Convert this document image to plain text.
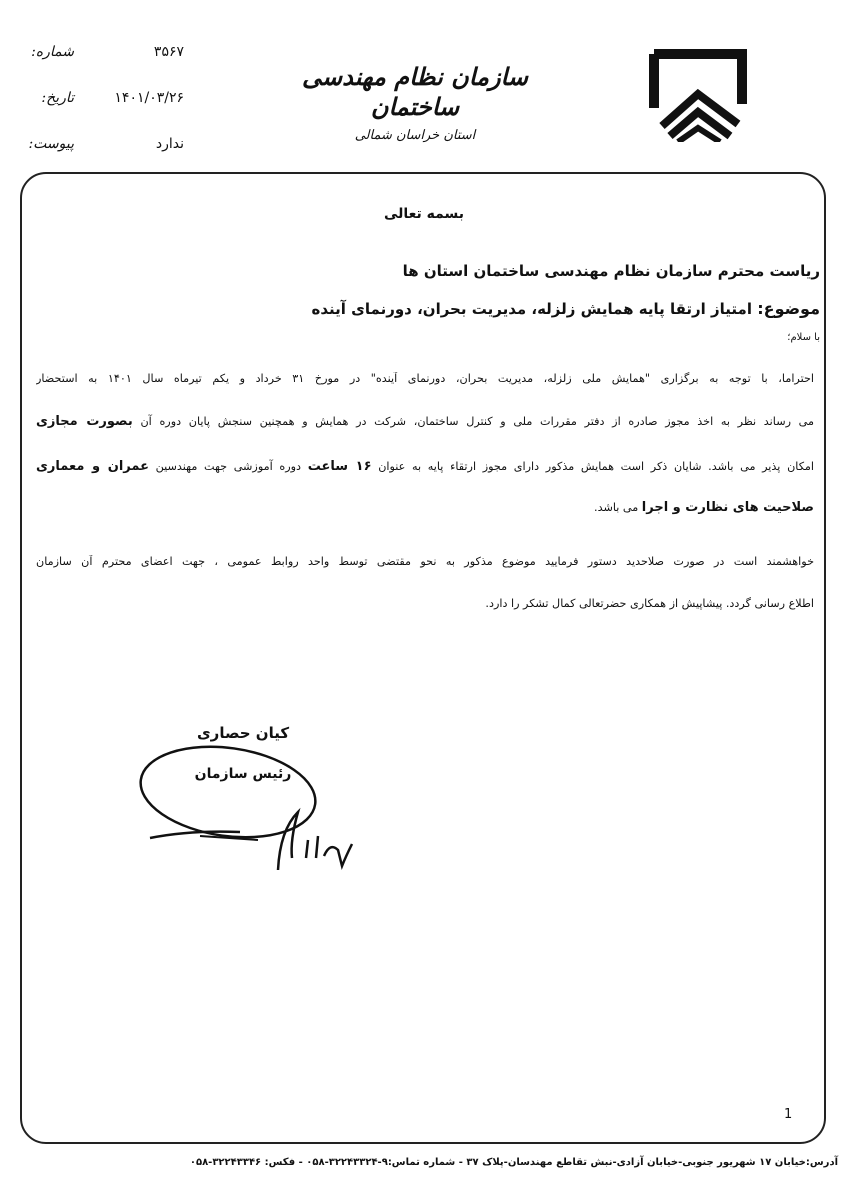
شماره:	۳۵۶۷
تاریخ:	۱۴۰۱/۰۳/۲۶
پیوست:	ندارد
سازمان نظام مهندسی ساختمان
استان خراسان شمالی
بسمه تعالی
ریاست محترم سازمان نظام مهندسی ساختمان استان ها
موضوع: امتیاز ارتقا پایه همایش زلزله، مدیریت بحران، دورنمای آینده
با سلام؛
احتراما، با توجه به برگزاری "همایش ملی زلزله، مدیریت بحران، دورنمای آینده" در مورخ ۳۱ خرداد و یکم تیرماه سال ۱۴۰۱ به استحضار
می رساند نظر به اخذ مجوز صادره از دفتر مقررات ملی و کنترل ساختمان، شرکت در همایش و همچنین سنجش پایان دوره آن بصورت مجازی
امکان پذیر می باشد. شایان ذکر است همایش مذکور دارای مجوز ارتقاء پایه به عنوان ۱۶ ساعت دوره آموزشی جهت مهندسین عمران و معماری
صلاحیت های نظارت و اجرا می باشد.
خواهشمند است در صورت صلاحدید دستور فرمایید موضوع مذکور به نحو مقتضی توسط واحد روابط عمومی ، جهت اعضای محترم آن سازمان
اطلاع رسانی گردد. پیشاپیش از همکاری حضرتعالی کمال تشکر را دارد.
کیان حصاری
رئیس سازمان
1
آدرس:خیابان ۱۷ شهریور جنوبی-خیابان آزادی-نبش تقاطع مهندسان-پلاک ۳۷ - شماره تماس:۹-۳۲۲۴۳۳۲۴-۰۵۸ - فکس: ۳۲۲۴۳۳۴۶-۰۵۸
